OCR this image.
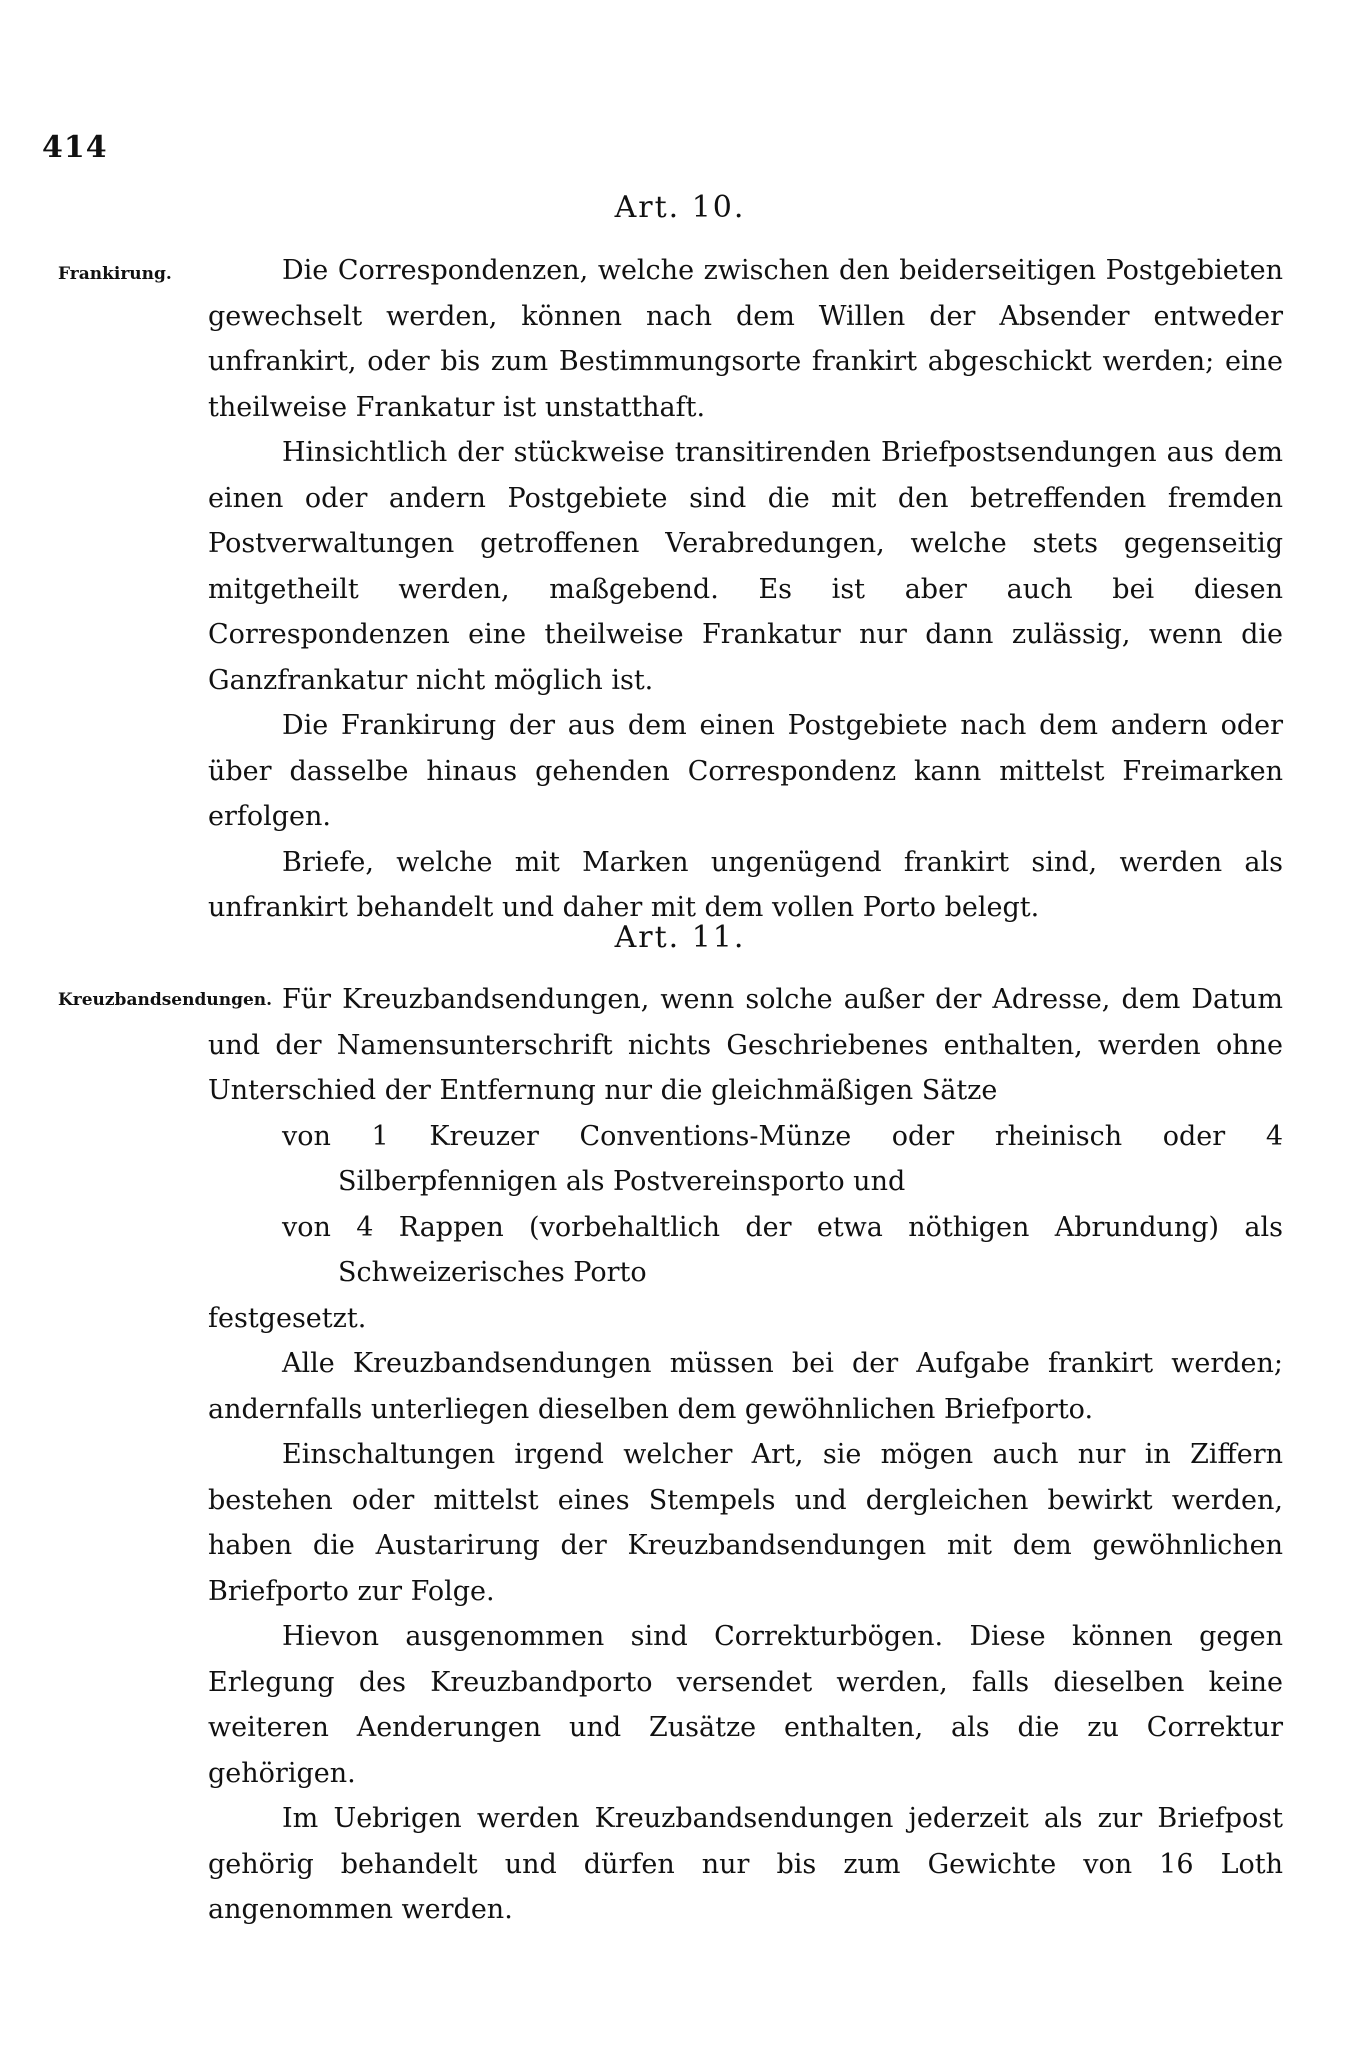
414
Art. 10.
Frankirung.	Die Correspondenzen, welche zwischen den beiderseitigen Postgebieten gewechselt werden, können nach dem Willen der Absender entweder unfrankirt, oder bis zum Bestimmungsorte frankirt abgeschickt werden; eine theilweise Frankatur ist unstatthaft.

Hinsichtlich der stückweise transitirenden Briefpostsendungen aus dem einen oder andern Postgebiete sind die mit den betreffenden fremden Postverwaltungen getroffenen Verabredungen, welche stets gegenseitig mitgetheilt werden, maßgebend. Es ist aber auch bei diesen Correspondenzen eine theilweise Frankatur nur dann zulässig, wenn die Ganzfrankatur nicht möglich ist.

Die Frankirung der aus dem einen Postgebiete nach dem andern oder über dasselbe hinaus gehenden Correspondenz kann mittelst Freimarken erfolgen.

Briefe, welche mit Marken ungenügend frankirt sind, werden als unfrankirt behandelt und daher mit dem vollen Porto belegt.

Art. 11.
Kreuzbandsendungen. Für Kreuzbandsendungen, wenn solche außer der Adresse, dem Datum und der Namensunterschrift nichts Geschriebenes enthalten, werden ohne Unterschied der Entfernung nur die gleichmäßigen Sätze

von 1 Kreuzer Conventions-Münze oder rheinisch oder 4 Silberpfennigen als Postvereinsporto und
von 4 Rappen (vorbehaltlich der etwa nöthigen Abrundung) als Schweizerisches Porto

festgesetzt.

Alle Kreuzbandsendungen müssen bei der Aufgabe frankirt werden; andernfalls unterliegen dieselben dem gewöhnlichen Briefporto.

Einschaltungen irgend welcher Art, sie mögen auch nur in Ziffern bestehen oder mittelst eines Stempels und dergleichen bewirkt werden, haben die Austarirung der Kreuzbandsendungen mit dem gewöhnlichen Briefporto zur Folge.

Hievon ausgenommen sind Correkturbögen. Diese können gegen Erlegung des Kreuzbandporto versendet werden, falls dieselben keine weiteren Aenderungen und Zusätze enthalten, als die zu Correktur gehörigen.

Im Uebrigen werden Kreuzbandsendungen jederzeit als zur Briefpost gehörig behandelt und dürfen nur bis zum Gewichte von 16 Loth angenommen werden.
